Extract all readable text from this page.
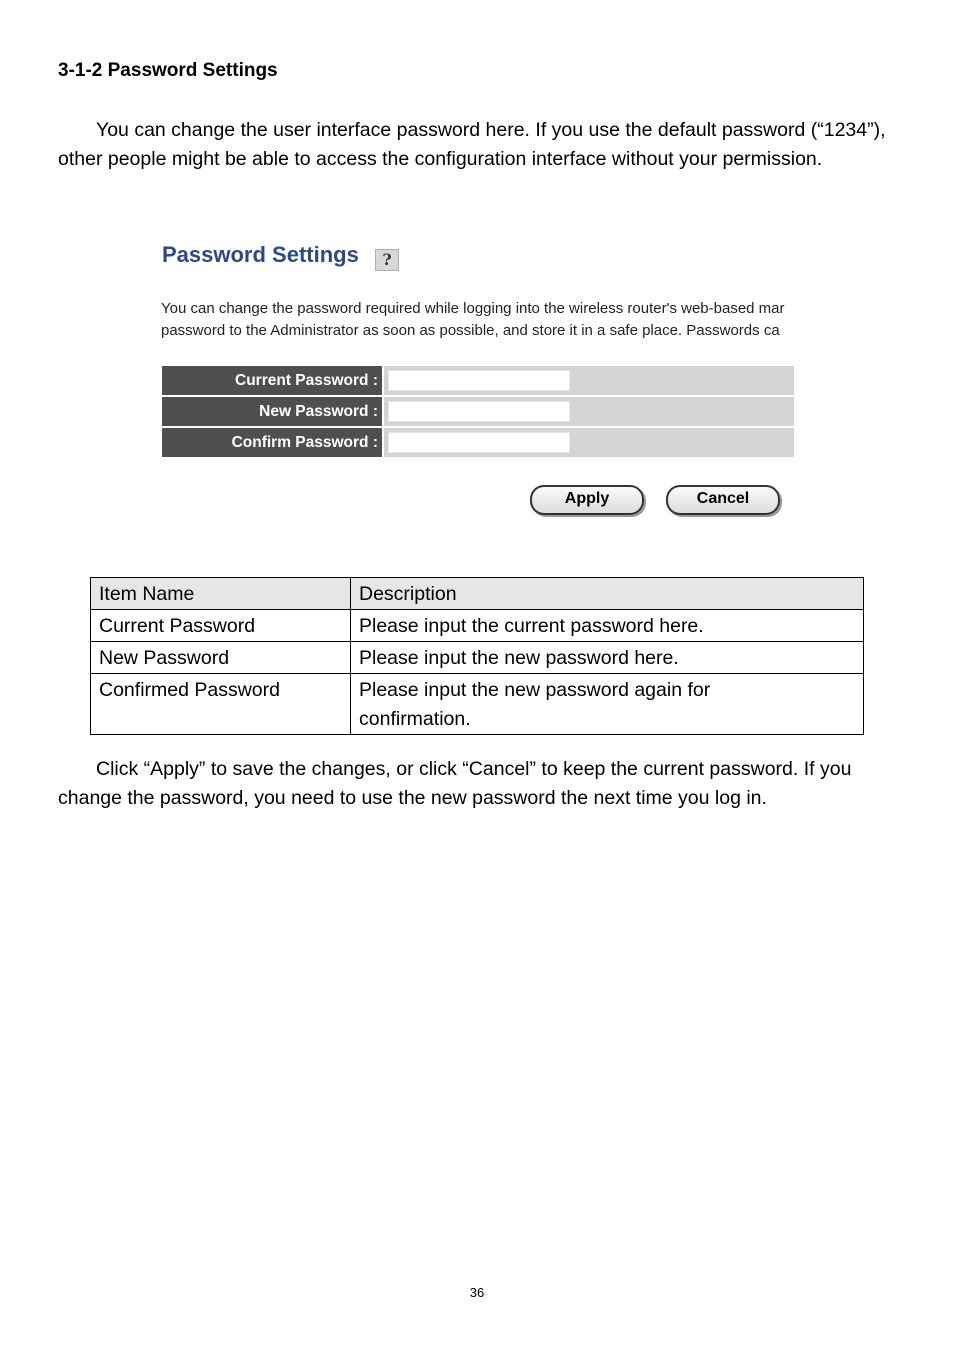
3-1-2 Password Settings
You can change the user interface password here. If you use the default password (“1234”), other people might be able to access the configuration interface without your permission.
Password Settings	?
You can change the password required while logging into the wireless router's web-based mar
password to the Administrator as soon as possible, and store it in a safe place. Passwords ca
Current Password :	

New Password :	

Confirm Password :	
Apply	Cancel
Item Name	Description
Current Password	Please input the current password here.
New Password	Please input the new password here.
Confirmed Password	Please input the new password again for confirmation.
Click “Apply” to save the changes, or click “Cancel” to keep the current password. If you change the password, you need to use the new password the next time you log in.
36
